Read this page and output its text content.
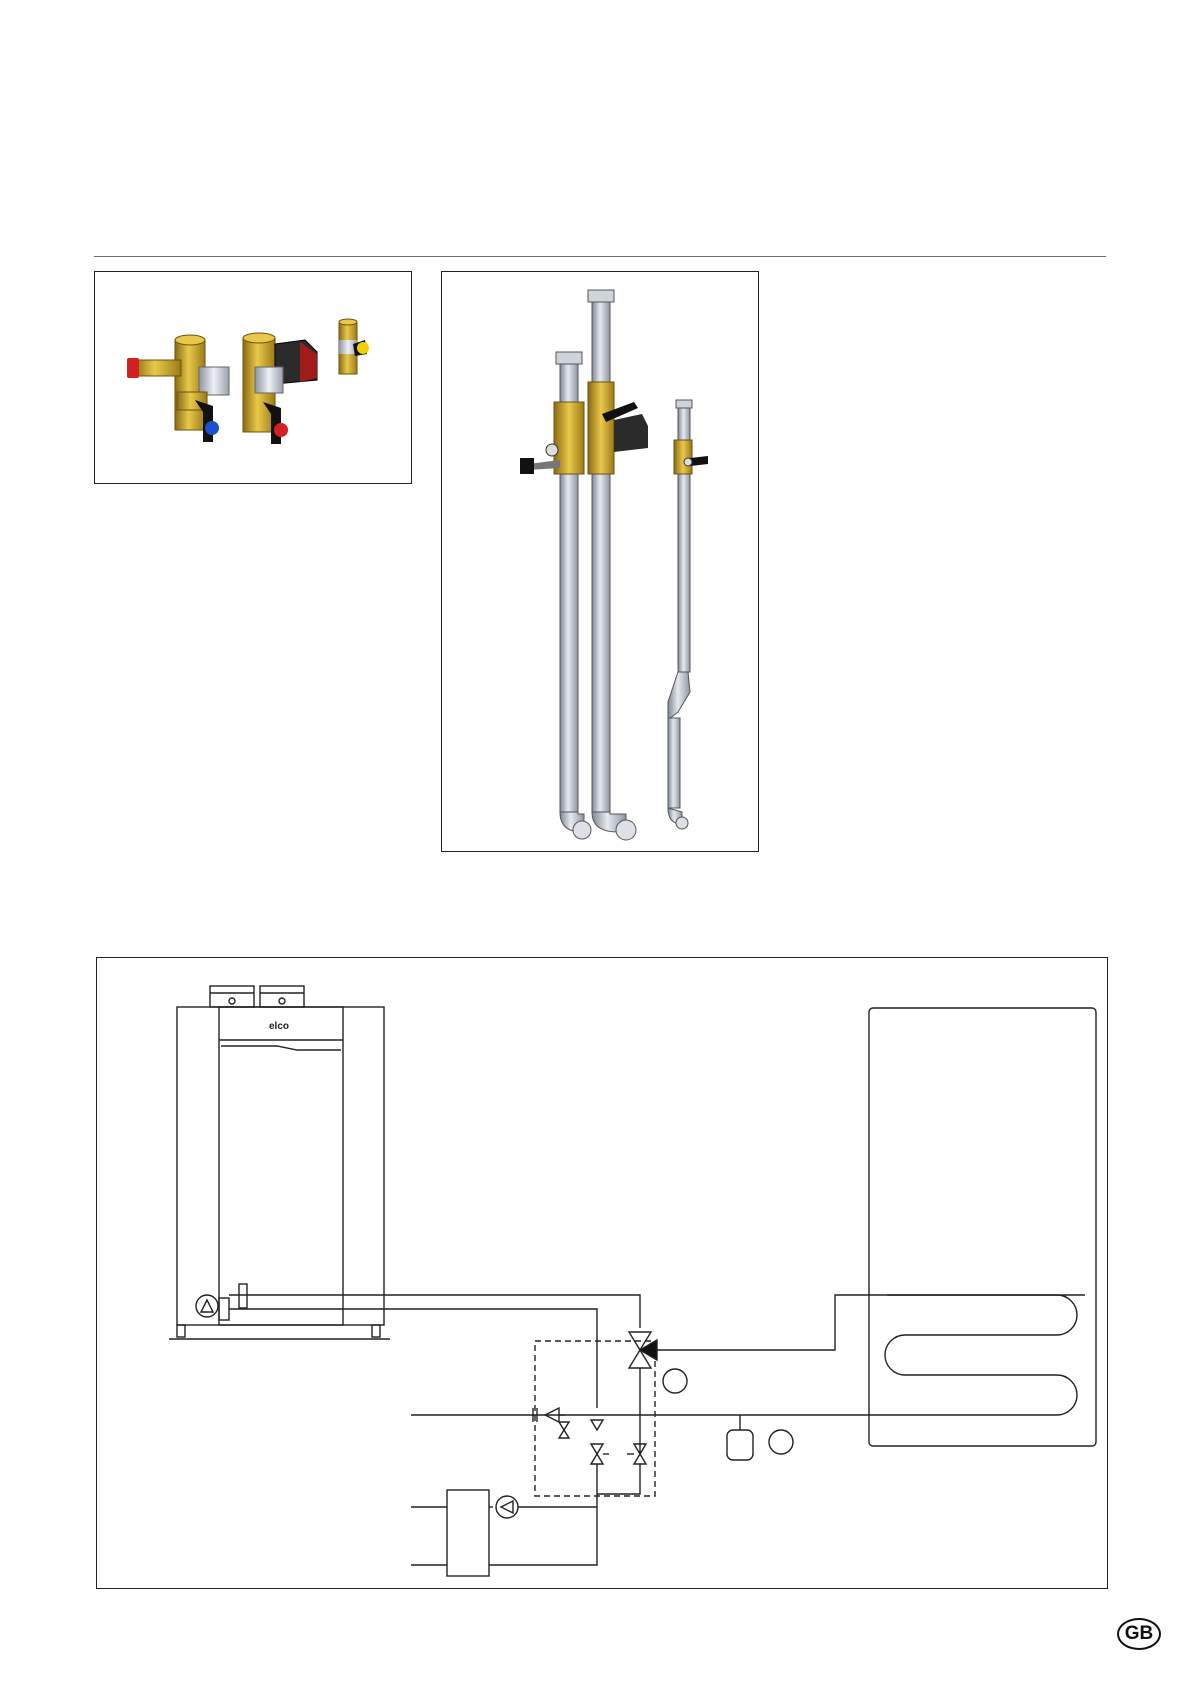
elco
GB
